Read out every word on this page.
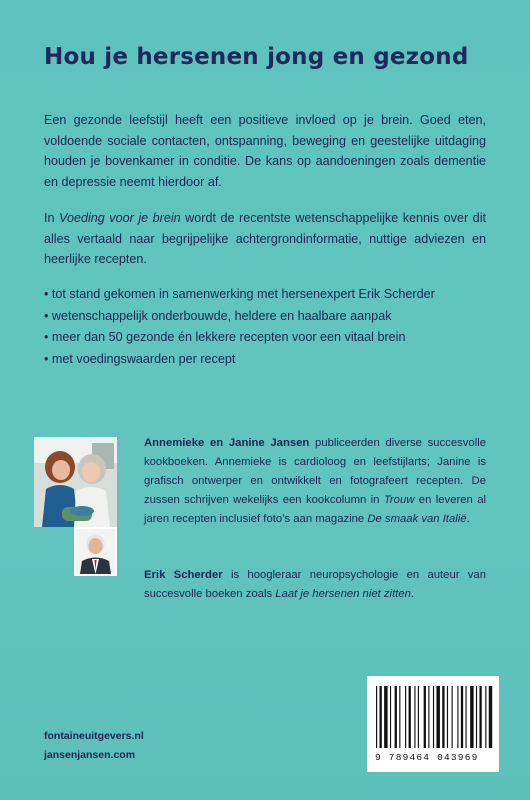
Hou je hersenen jong en gezond
Een gezonde leefstijl heeft een positieve invloed op je brein. Goed eten, voldoende sociale contacten, ontspanning, beweging en geestelijke uitdaging houden je bovenkamer in conditie. De kans op aandoeningen zoals dementie en depressie neemt hierdoor af.
In Voeding voor je brein wordt de recentste wetenschappelijke kennis over dit alles vertaald naar begrijpelijke achtergrondinformatie, nuttige adviezen en heerlijke recepten.
• tot stand gekomen in samenwerking met hersenexpert Erik Scherder
• wetenschappelijk onderbouwde, heldere en haalbare aanpak
• meer dan 50 gezonde én lekkere recepten voor een vitaal brein
• met voedingswaarden per recept
Annemieke en Janine Jansen publiceerden diverse succesvolle kookboeken. Annemieke is cardioloog en leefstijlarts; Janine is grafisch ontwerper en ontwikkelt en fotografeert recepten. De zussen schrijven wekelijks een kookcolumn in Trouw en leveren al jaren recepten inclusief foto’s aan magazine De smaak van Italië.
Erik Scherder is hoogleraar neuropsychologie en auteur van succesvolle boeken zoals Laat je hersenen niet zitten.
fontaineuitgevers.nl
jansenjansen.com	9 789464 043969
